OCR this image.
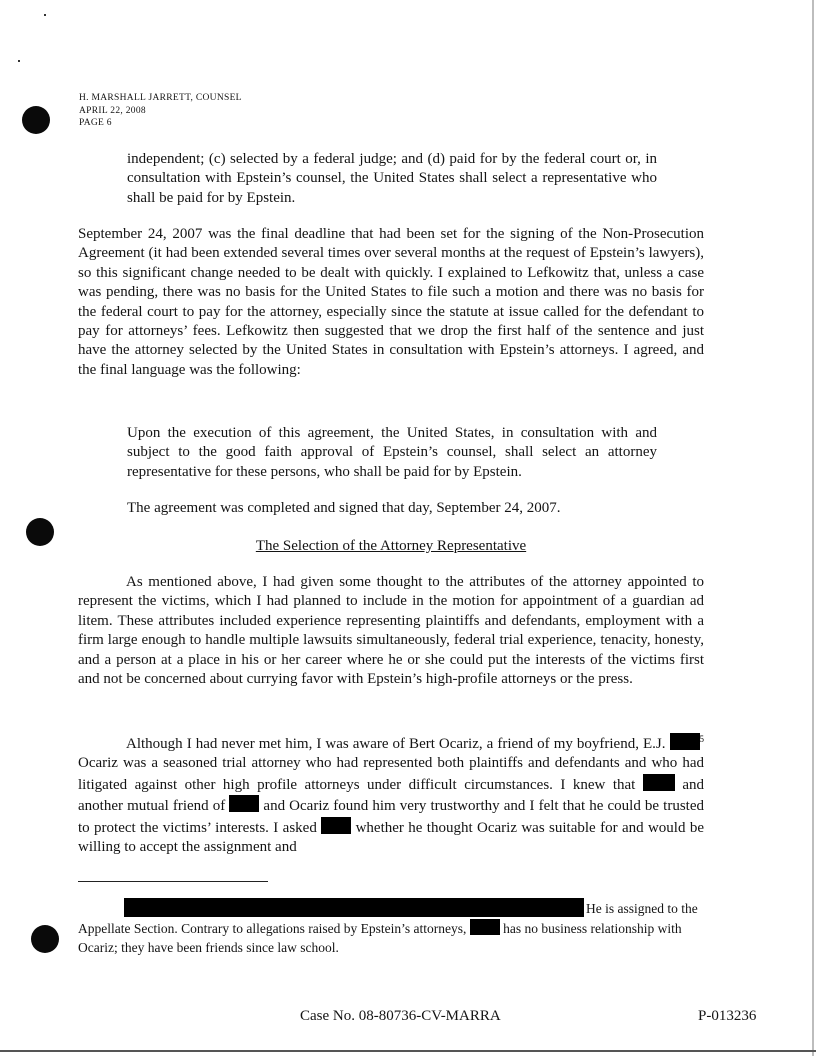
H. MARSHALL JARRETT, COUNSEL
APRIL 22, 2008
PAGE 6
independent; (c) selected by a federal judge; and (d) paid for by the federal court or, in consultation with Epstein’s counsel, the United States shall select a representative who shall be paid for by Epstein.
September 24, 2007 was the final deadline that had been set for the signing of the Non-Prosecution Agreement (it had been extended several times over several months at the request of Epstein’s lawyers), so this significant change needed to be dealt with quickly. I explained to Lefkowitz that, unless a case was pending, there was no basis for the United States to file such a motion and there was no basis for the federal court to pay for the attorney, especially since the statute at issue called for the defendant to pay for attorneys’ fees. Lefkowitz then suggested that we drop the first half of the sentence and just have the attorney selected by the United States in consultation with Epstein’s attorneys. I agreed, and the final language was the following:
Upon the execution of this agreement, the United States, in consultation with and subject to the good faith approval of Epstein’s counsel, shall select an attorney representative for these persons, who shall be paid for by Epstein.
The agreement was completed and signed that day, September 24, 2007.
The Selection of the Attorney Representative
As mentioned above, I had given some thought to the attributes of the attorney appointed to represent the victims, which I had planned to include in the motion for appointment of a guardian ad litem. These attributes included experience representing plaintiffs and defendants, employment with a firm large enough to handle multiple lawsuits simultaneously, federal trial experience, tenacity, honesty, and a person at a place in his or her career where he or she could put the interests of the victims first and not be concerned about currying favor with Epstein’s high-profile attorneys or the press.
Although I had never met him, I was aware of Bert Ocariz, a friend of my boyfriend, E.J.	$^5$ Ocariz was a seasoned trial attorney who had represented both plaintiffs and defendants and who had litigated against other high profile attorneys under difficult circumstances. I knew that	and another mutual friend of	and Ocariz found him very trustworthy and I felt that he could be trusted to protect the victims’ interests. I asked	whether he thought Ocariz was suitable for and would be willing to accept the assignment and
He is assigned to the Appellate Section. Contrary to allegations raised by Epstein’s attorneys,	has no business relationship with Ocariz; they have been friends since law school.
Case No. 08-80736-CV-MARRA	P-013236
